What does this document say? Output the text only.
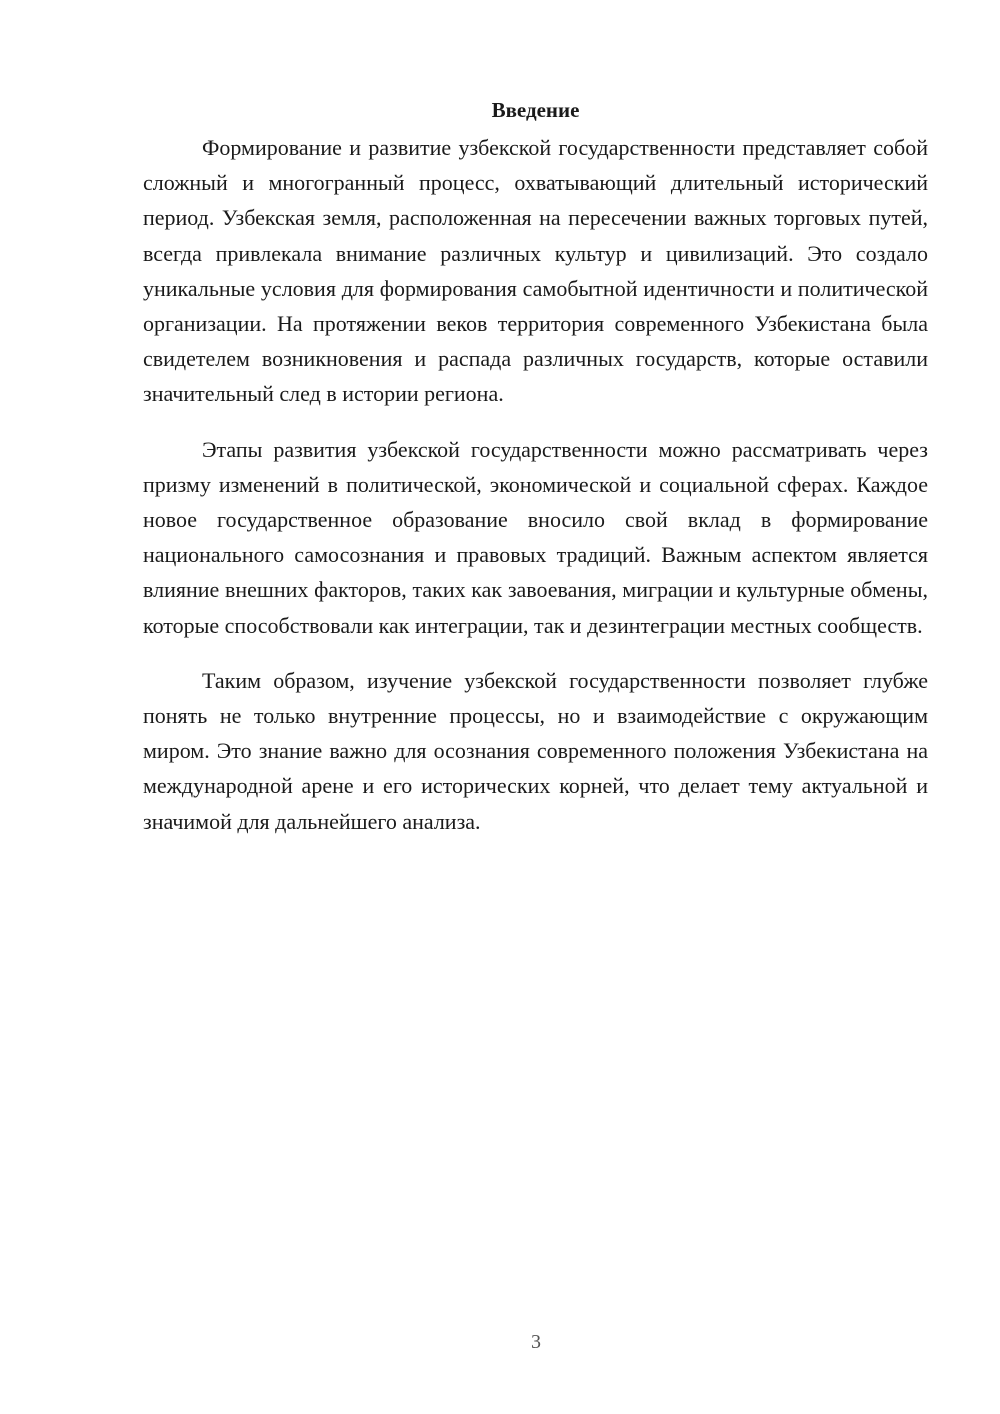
Введение

Формирование и развитие узбекской государственности представляет собой сложный и многогранный процесс, охватывающий длительный исторический период. Узбекская земля, расположенная на пересечении важных торговых путей, всегда привлекала внимание различных культур и цивилизаций. Это создало уникальные условия для формирования самобытной идентичности и политической организации. На протяжении веков территория современного Узбекистана была свидетелем возникновения и распада различных государств, которые оставили значительный след в истории региона.

Этапы развития узбекской государственности можно рассматривать через призму изменений в политической, экономической и социальной сферах. Каждое новое государственное образование вносило свой вклад в формирование национального самосознания и правовых традиций. Важным аспектом является влияние внешних факторов, таких как завоевания, миграции и культурные обмены, которые способствовали как интеграции, так и дезинтеграции местных сообществ.

Таким образом, изучение узбекской государственности позволяет глубже понять не только внутренние процессы, но и взаимодействие с окружающим миром. Это знание важно для осознания современного положения Узбекистана на международной арене и его исторических корней, что делает тему актуальной и значимой для дальнейшего анализа.

3
